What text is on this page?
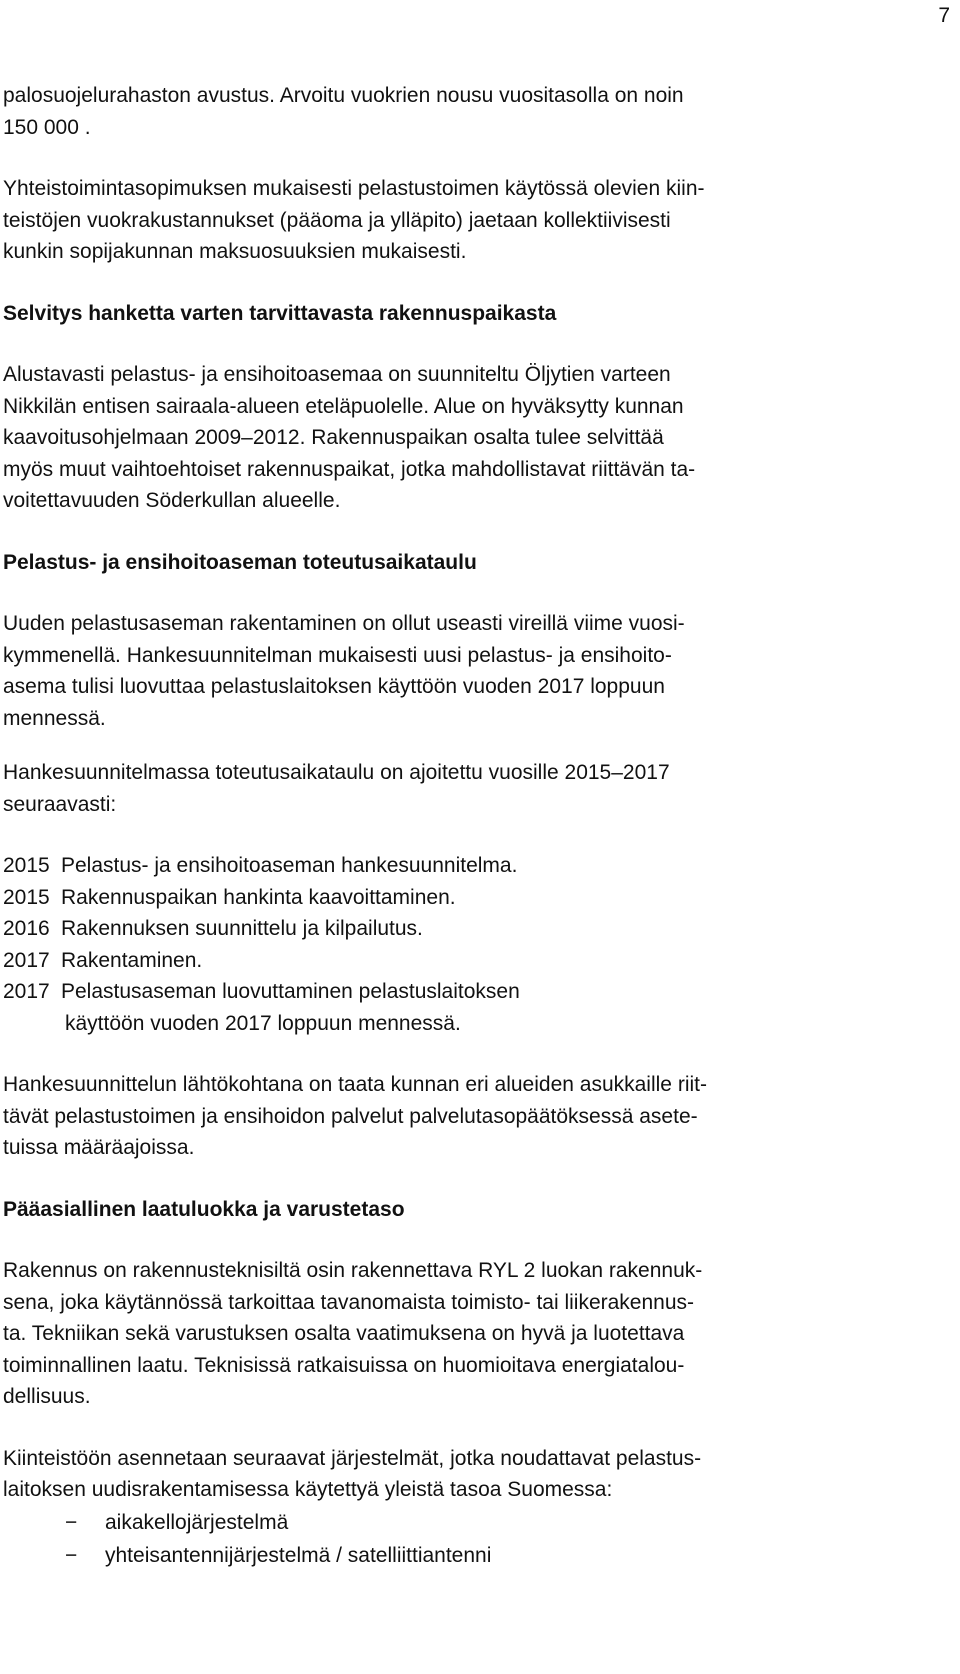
7
palosuojelurahaston avustus. Arvoitu vuokrien nousu vuositasolla on noin
150 000 .
Yhteistoimintasopimuksen mukaisesti pelastustoimen käytössä olevien kiin-
teistöjen vuokrakustannukset (pääoma ja ylläpito) jaetaan kollektiivisesti
kunkin sopijakunnan maksuosuuksien mukaisesti.
Selvitys hanketta varten tarvittavasta rakennuspaikasta
Alustavasti pelastus- ja ensihoitoasemaa on suunniteltu Öljytien varteen
Nikkilän entisen sairaala-alueen eteläpuolelle. Alue on hyväksytty kunnan
kaavoitusohjelmaan 2009–2012. Rakennuspaikan osalta tulee selvittää
myös muut vaihtoehtoiset rakennuspaikat, jotka mahdollistavat riittävän ta-
voitettavuuden Söderkullan alueelle.
Pelastus- ja ensihoitoaseman toteutusaikataulu
Uuden pelastusaseman rakentaminen on ollut useasti vireillä viime vuosi-
kymmenellä. Hankesuunnitelman mukaisesti uusi pelastus- ja ensihoito-
asema tulisi luovuttaa pelastuslaitoksen käyttöön vuoden 2017 loppuun
mennessä.
Hankesuunnitelmassa toteutusaikataulu on ajoitettu vuosille 2015–2017
seuraavasti:
2015 Pelastus- ja ensihoitoaseman hankesuunnitelma.
2015 Rakennuspaikan hankinta kaavoittaminen.
2016 Rakennuksen suunnittelu ja kilpailutus.
2017 Rakentaminen.
2017 Pelastusaseman luovuttaminen pelastuslaitoksen
käyttöön vuoden 2017 loppuun mennessä.
Hankesuunnittelun lähtökohtana on taata kunnan eri alueiden asukkaille riit-
tävät pelastustoimen ja ensihoidon palvelut palvelutasopäätöksessä asete-
tuissa määräajoissa.
Pääasiallinen laatuluokka ja varustetaso
Rakennus on rakennusteknisiltä osin rakennettava RYL 2 luokan rakennuk-
sena, joka käytännössä tarkoittaa tavanomaista toimisto- tai liikerakennus-
ta. Tekniikan sekä varustuksen osalta vaatimuksena on hyvä ja luotettava
toiminnallinen laatu. Teknisissä ratkaisuissa on huomioitava energiatalou-
dellisuus.
Kiinteistöön asennetaan seuraavat järjestelmät, jotka noudattavat pelastus-
laitoksen uudisrakentamisessa käytettyä yleistä tasoa Suomessa:
− aikakellojärjestelmä
− yhteisantennijärjestelmä / satelliittiantenni
